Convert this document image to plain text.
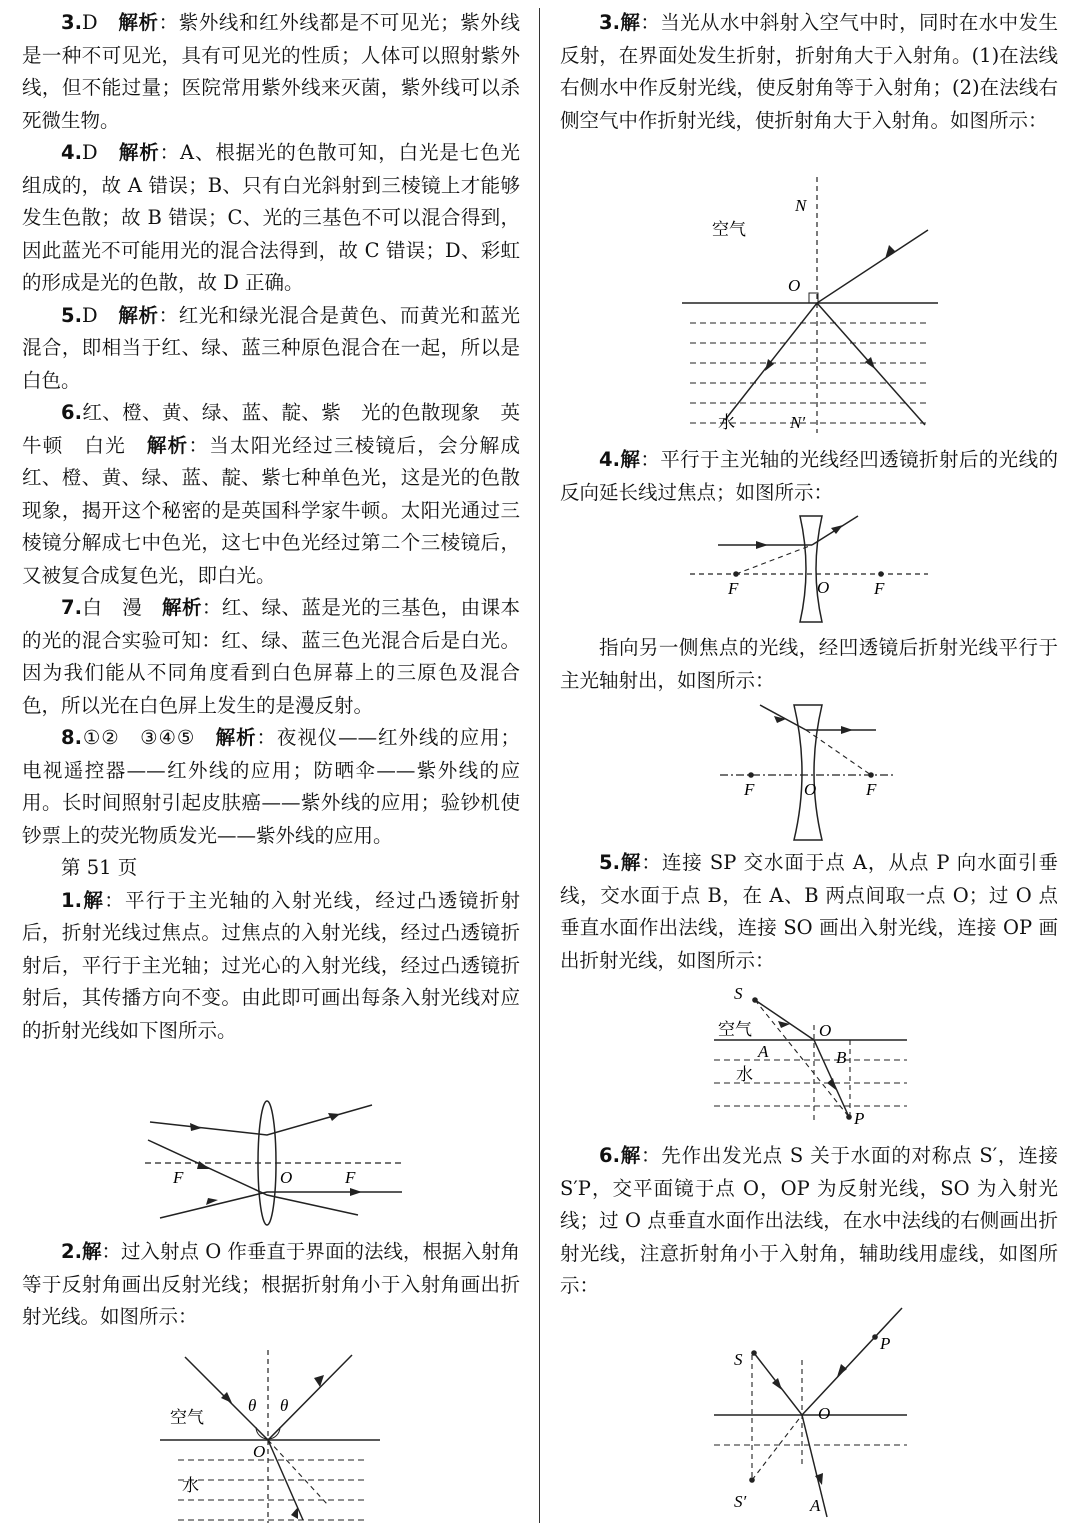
3.D　 解析：紫外线和红外线都是不可见光；紫外线是一种不可见光，具有可见光的性质；人体可以照射紫外线，但不能过量；医院常用紫外线来灭菌，紫外线可以杀死微生物。

4.D　 解析：A、根据光的色散可知，白光是七色光组成的，故 A 错误；B、只有白光斜射到三棱镜上才能够发生色散；故 B 错误；C、光的三基色不可以混合得到，因此蓝光不可能用光的混合法得到，故 C 错误；D、彩虹的形成是光的色散，故 D 正确。

5.D　 解析：红光和绿光混合是黄色、而黄光和蓝光混合，即相当于红、绿、蓝三种原色混合在一起，所以是白色。

6.红、橙、黄、绿、蓝、靛、紫　光的色散现象　英牛顿　白光　 解析：当太阳光经过三棱镜后，会分解成红、橙、黄、绿、蓝、靛、紫七种单色光，这是光的色散现象，揭开这个秘密的是英国科学家牛顿。太阳光通过三棱镜分解成七中色光，这七中色光经过第二个三棱镜后，又被复合成复色光，即白光。

7.白　漫　 解析：红、绿、蓝是光的三基色，由课本的光的混合实验可知：红、绿、蓝三色光混合后是白光。因为我们能从不同角度看到白色屏幕上的三原色及混合色，所以光在白色屏上发生的是漫反射。

8.①②　③④⑤　 解析：夜视仪——红外线的应用；电视遥控器——红外线的应用；防晒伞——紫外线的应用。长时间照射引起皮肤癌——紫外线的应用；验钞机使钞票上的荧光物质发光——紫外线的应用。

第 51 页

1.解：平行于主光轴的入射光线，经过凸透镜折射后，折射光线过焦点。过焦点的入射光线，经过凸透镜折射后，平行于主光轴；过光心的入射光线，经过凸透镜折射后，其传播方向不变。由此即可画出每条入射光线对应的折射光线如下图所示。

F	O	F

2.解：过入射点 O 作垂直于界面的法线，根据入射角等于反射角画出反射光线；根据折射角小于入射角画出折射光线。如图所示：

θ θ
空气
O
水

3.解：当光从水中斜射入空气中时，同时在水中发生反射，在界面处发生折射，折射角大于入射角。(1)在法线右侧水中作反射光线，使反射角等于入射角；(2)在法线右侧空气中作折射光线，使折射角大于入射角。如图所示：

空气
N
O
水	N′

4.解：平行于主光轴的光线经凹透镜折射后的光线的反向延长线过焦点；如图所示：

F	O	F

指向另一侧焦点的光线，经凹透镜后折射光线平行于主光轴射出，如图所示：

F	O	F

5.解：连接 SP 交水面于点 A，从点 P 向水面引垂线，交水面于点 B，在 A、B 两点间取一点 O；过 O 点垂直水面作出法线，连接 SO 画出入射光线，连接 OP 画出折射光线，如图所示：

S
空气	O
A	B
水
P

6.解：先作出发光点 S 关于水面的对称点 S′，连接 S′P，交平面镜于点 O，OP 为反射光线，SO 为入射光线；过 O 点垂直水面作出法线，在水中法线的右侧画出折射光线，注意折射角小于入射角，辅助线用虚线，如图所示：

S
P
O
S′	A
